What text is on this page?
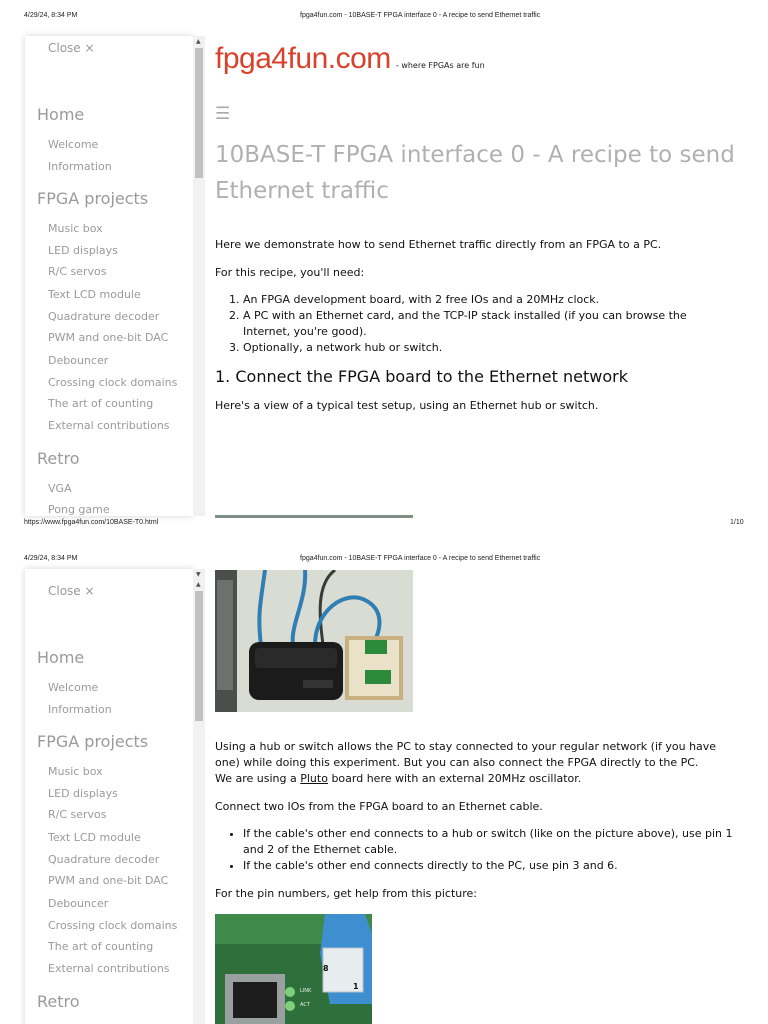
4/29/24, 8:34 PM	fpga4fun.com - 10BASE-T FPGA interface 0 - A recipe to send Ethernet traffic
Close ×
Home
Welcome
Information
FPGA projects
Music box
LED displays
R/C servos
Text LCD module
Quadrature decoder
PWM and one-bit DAC
Debouncer
Crossing clock domains
The art of counting
External contributions
Retro
VGA
Pong game
▲
fpga4fun.com - where FPGAs are fun
☰
10BASE-T FPGA interface 0 - A recipe to send Ethernet traffic
Here we demonstrate how to send Ethernet traffic directly from an FPGA to a PC.
For this recipe, you'll need:
1. An FPGA development board, with 2 free IOs and a 20MHz clock.
2. A PC with an Ethernet card, and the TCP-IP stack installed (if you can browse the Internet, you're good).
3. Optionally, a network hub or switch.
1. Connect the FPGA board to the Ethernet network
Here's a view of a typical test setup, using an Ethernet hub or switch.
https://www.fpga4fun.com/10BASE-T0.html	1/10
4/29/24, 8:34 PM	fpga4fun.com - 10BASE-T FPGA interface 0 - A recipe to send Ethernet traffic
Close ×
Home
Welcome
Information
FPGA projects
Music box
LED displays
R/C servos
Text LCD module
Quadrature decoder
PWM and one-bit DAC
Debouncer
Crossing clock domains
The art of counting
External contributions
Retro
▼
▲
Using a hub or switch allows the PC to stay connected to your regular network (if you have one) while doing this experiment. But you can also connect the FPGA directly to the PC.
We are using a Pluto board here with an external 20MHz oscillator.
Connect two IOs from the FPGA board to an Ethernet cable.
• If the cable's other end connects to a hub or switch (like on the picture above), use pin 1 and 2 of the Ethernet cable.
• If the cable's other end connects directly to the PC, use pin 3 and 6.
For the pin numbers, get help from this picture:
8
1
LINK
ACT
